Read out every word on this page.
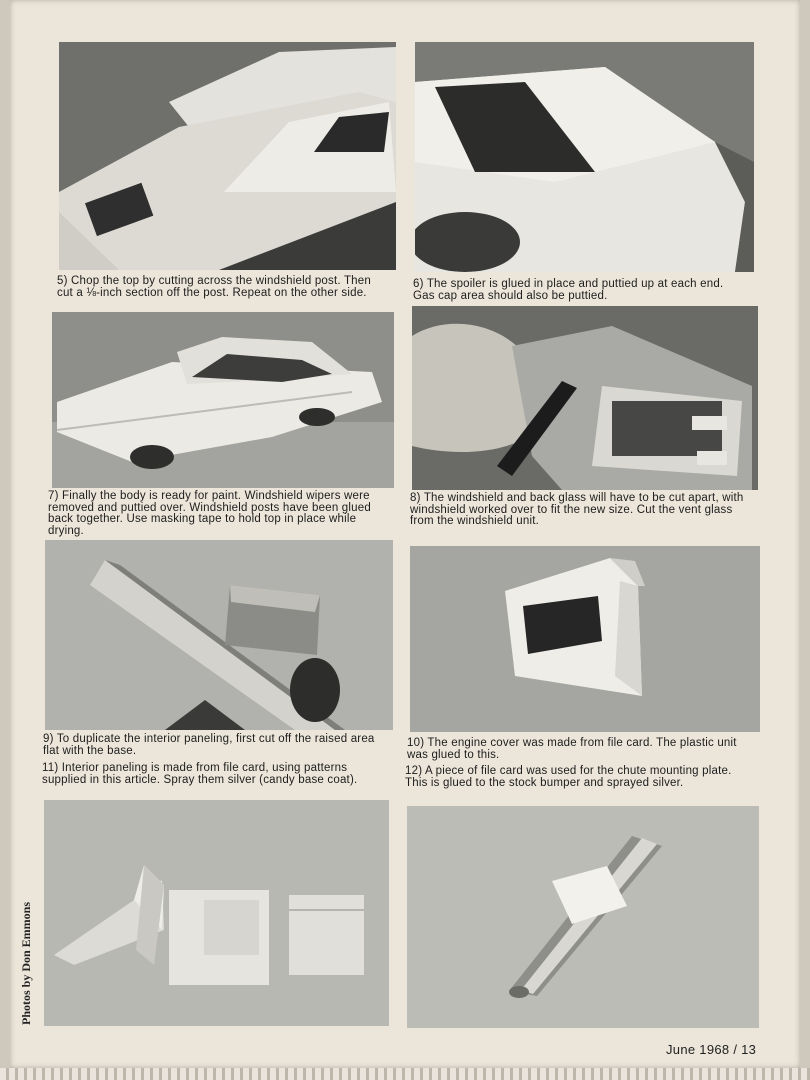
5) Chop the top by cutting across the windshield post. Then cut a ⅛-inch section off the post. Repeat on the other side.
6) The spoiler is glued in place and puttied up at each end. Gas cap area should also be puttied.
7) Finally the body is ready for paint. Windshield wipers were removed and puttied over. Windshield posts have been glued back together. Use masking tape to hold top in place while drying.
8) The windshield and back glass will have to be cut apart, with windshield worked over to fit the new size. Cut the vent glass from the windshield unit.
9) To duplicate the interior paneling, first cut off the raised area flat with the base.
10) The engine cover was made from file card. The plastic unit was glued to this.
11) Interior paneling is made from file card, using patterns supplied in this article. Spray them silver (candy base coat).
12) A piece of file card was used for the chute mounting plate. This is glued to the stock bumper and sprayed silver.
Photos by Don Emmons
June 1968 / 13
